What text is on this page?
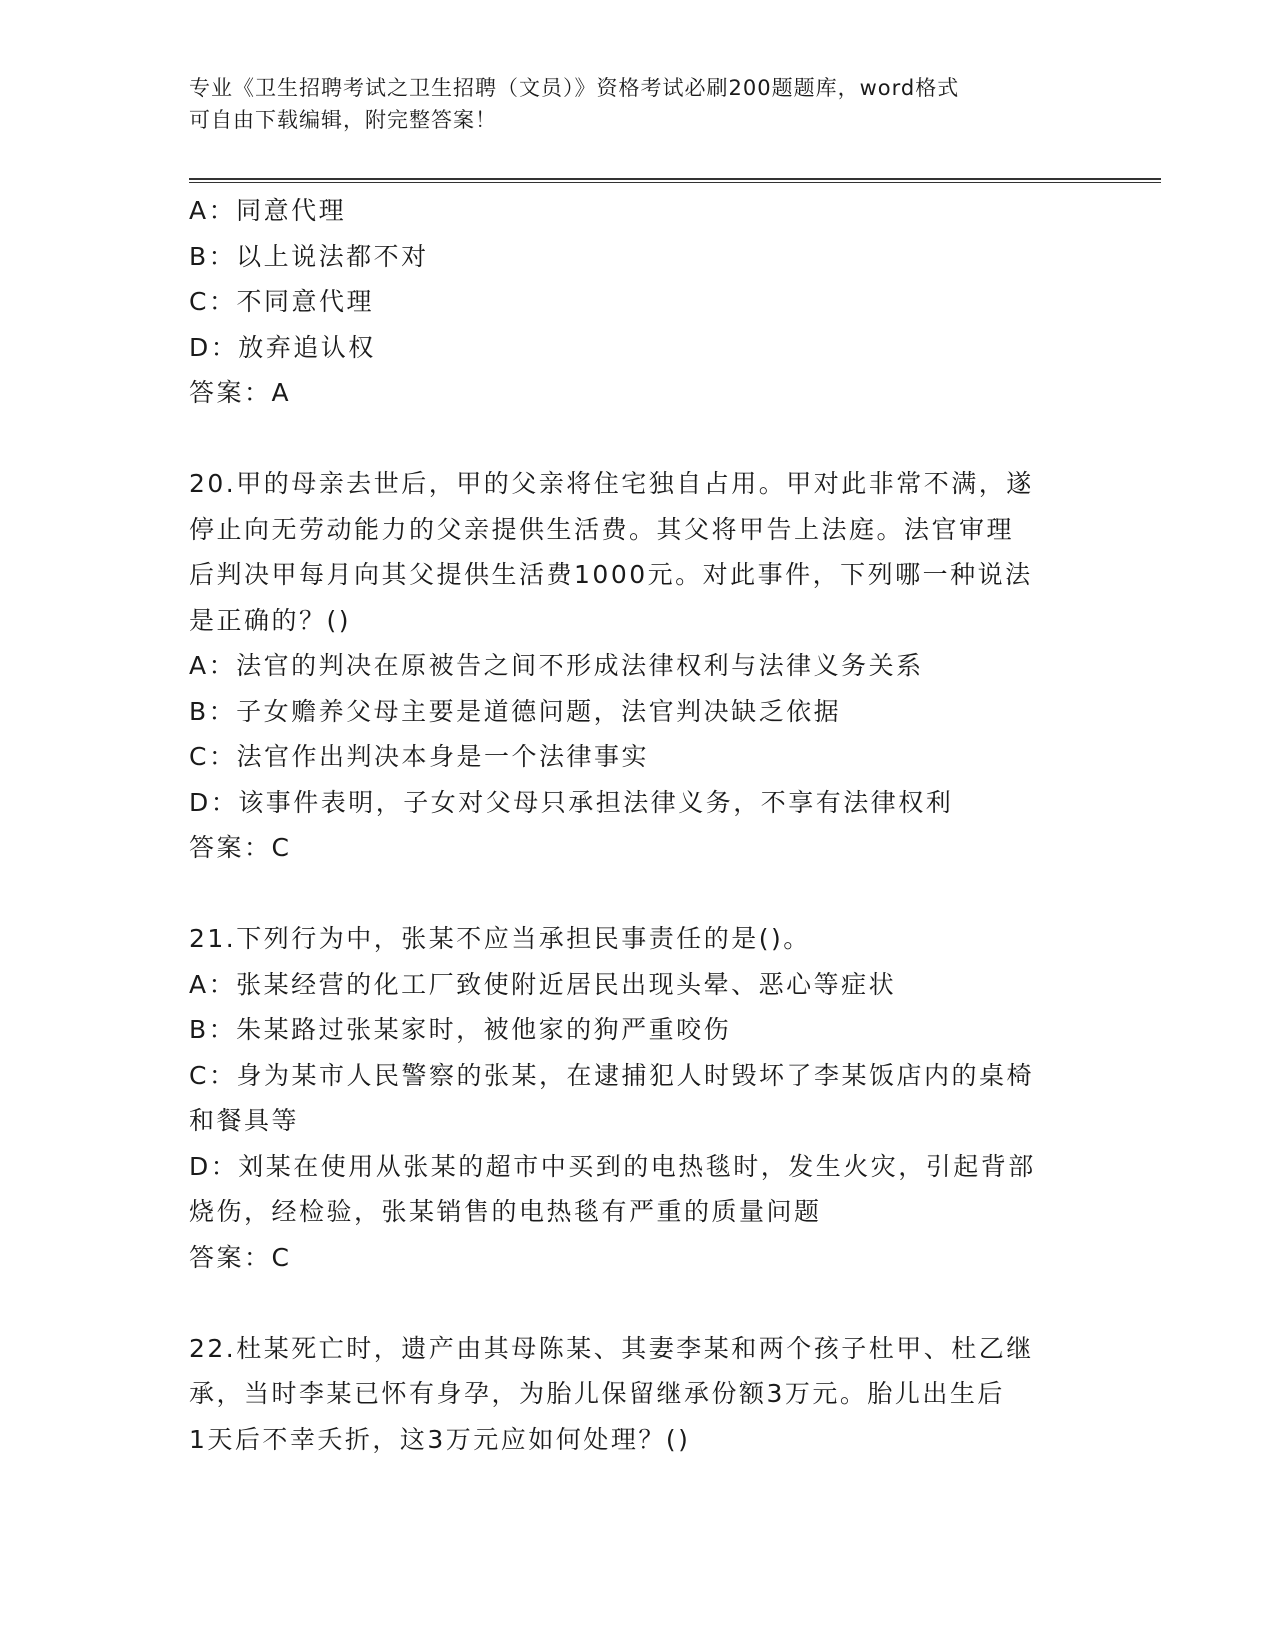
专业《卫生招聘考试之卫生招聘（文员）》资格考试必刷200题题库，word格式

可自由下载编辑，附完整答案！

A：同意代理

B：以上说法都不对

C：不同意代理

D：放弃追认权

答案：A

20.甲的母亲去世后，甲的父亲将住宅独自占用。甲对此非常不满，遂

停止向无劳动能力的父亲提供生活费。其父将甲告上法庭。法官审理

后判决甲每月向其父提供生活费1000元。对此事件，下列哪一种说法

是正确的？()

A：法官的判决在原被告之间不形成法律权利与法律义务关系

B：子女赡养父母主要是道德问题，法官判决缺乏依据

C：法官作出判决本身是一个法律事实

D：该事件表明，子女对父母只承担法律义务，不享有法律权利

答案：C

21.下列行为中，张某不应当承担民事责任的是()。

A：张某经营的化工厂致使附近居民出现头晕、恶心等症状

B：朱某路过张某家时，被他家的狗严重咬伤

C：身为某市人民警察的张某，在逮捕犯人时毁坏了李某饭店内的桌椅

和餐具等

D：刘某在使用从张某的超市中买到的电热毯时，发生火灾，引起背部

烧伤，经检验，张某销售的电热毯有严重的质量问题

答案：C

22.杜某死亡时，遗产由其母陈某、其妻李某和两个孩子杜甲、杜乙继

承，当时李某已怀有身孕，为胎儿保留继承份额3万元。胎儿出生后

1天后不幸夭折，这3万元应如何处理？()
